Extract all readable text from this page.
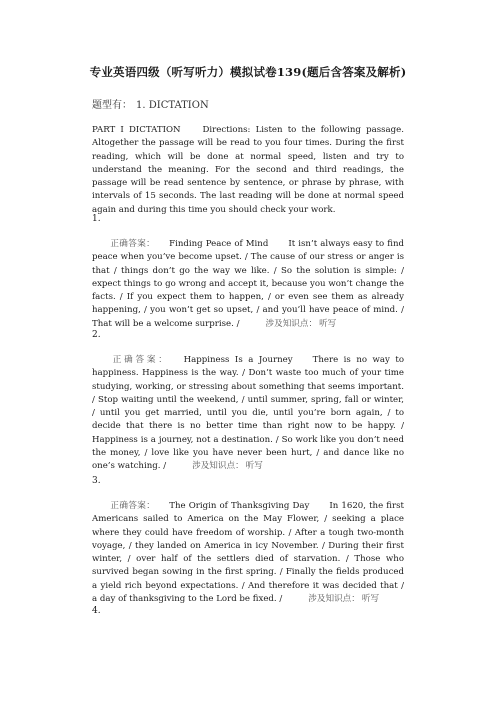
专业英语四级（听写听力）模拟试卷139(题后含答案及解析)
题型有： 1. DICTATION
PART I DICTATION	Directions: Listen to the following passage. Altogether the passage will be read to you four times. During the first reading, which will be done at normal speed, listen and try to understand the meaning. For the second and third readings, the passage will be read sentence by sentence, or phrase by phrase, with intervals of 15 seconds. The last reading will be done at normal speed again and during this time you should check your work.
1.
正确答案： Finding Peace of Mind It isn’t always easy to find peace when you’ve become upset. / The cause of our stress or anger is that / things don’t go the way we like. / So the solution is simple: / expect things to go wrong and accept it, because you won’t change the facts. / If you expect them to happen, / or even see them as already happening, / you won’t get so upset, / and you’ll have peace of mind. / That will be a welcome surprise. /	涉及知识点： 听写
2.
正确答案： Happiness Is a Journey There is no way to happiness. Happiness is the way. / Don’t waste too much of your time studying, working, or stressing about something that seems important. / Stop waiting until the weekend, / until summer, spring, fall or winter, / until you get married, until you die, until you’re born again, / to decide that there is no better time than right now to be happy. / Happiness is a journey, not a destination. / So work like you don’t need the money, / love like you have never been hurt, / and dance like no one’s watching. /	涉及知识点： 听写
3.
正确答案： The Origin of Thanksgiving Day In 1620, the first Americans sailed to America on the May Flower, / seeking a place where they could have freedom of worship. / After a tough two-month voyage, / they landed on America in icy November. / During their first winter, / over half of the settlers died of starvation. / Those who survived began sowing in the first spring. / Finally the fields produced a yield rich beyond expectations. / And therefore it was decided that / a day of thanksgiving to the Lord be fixed. /	涉及知识点： 听写
4.
